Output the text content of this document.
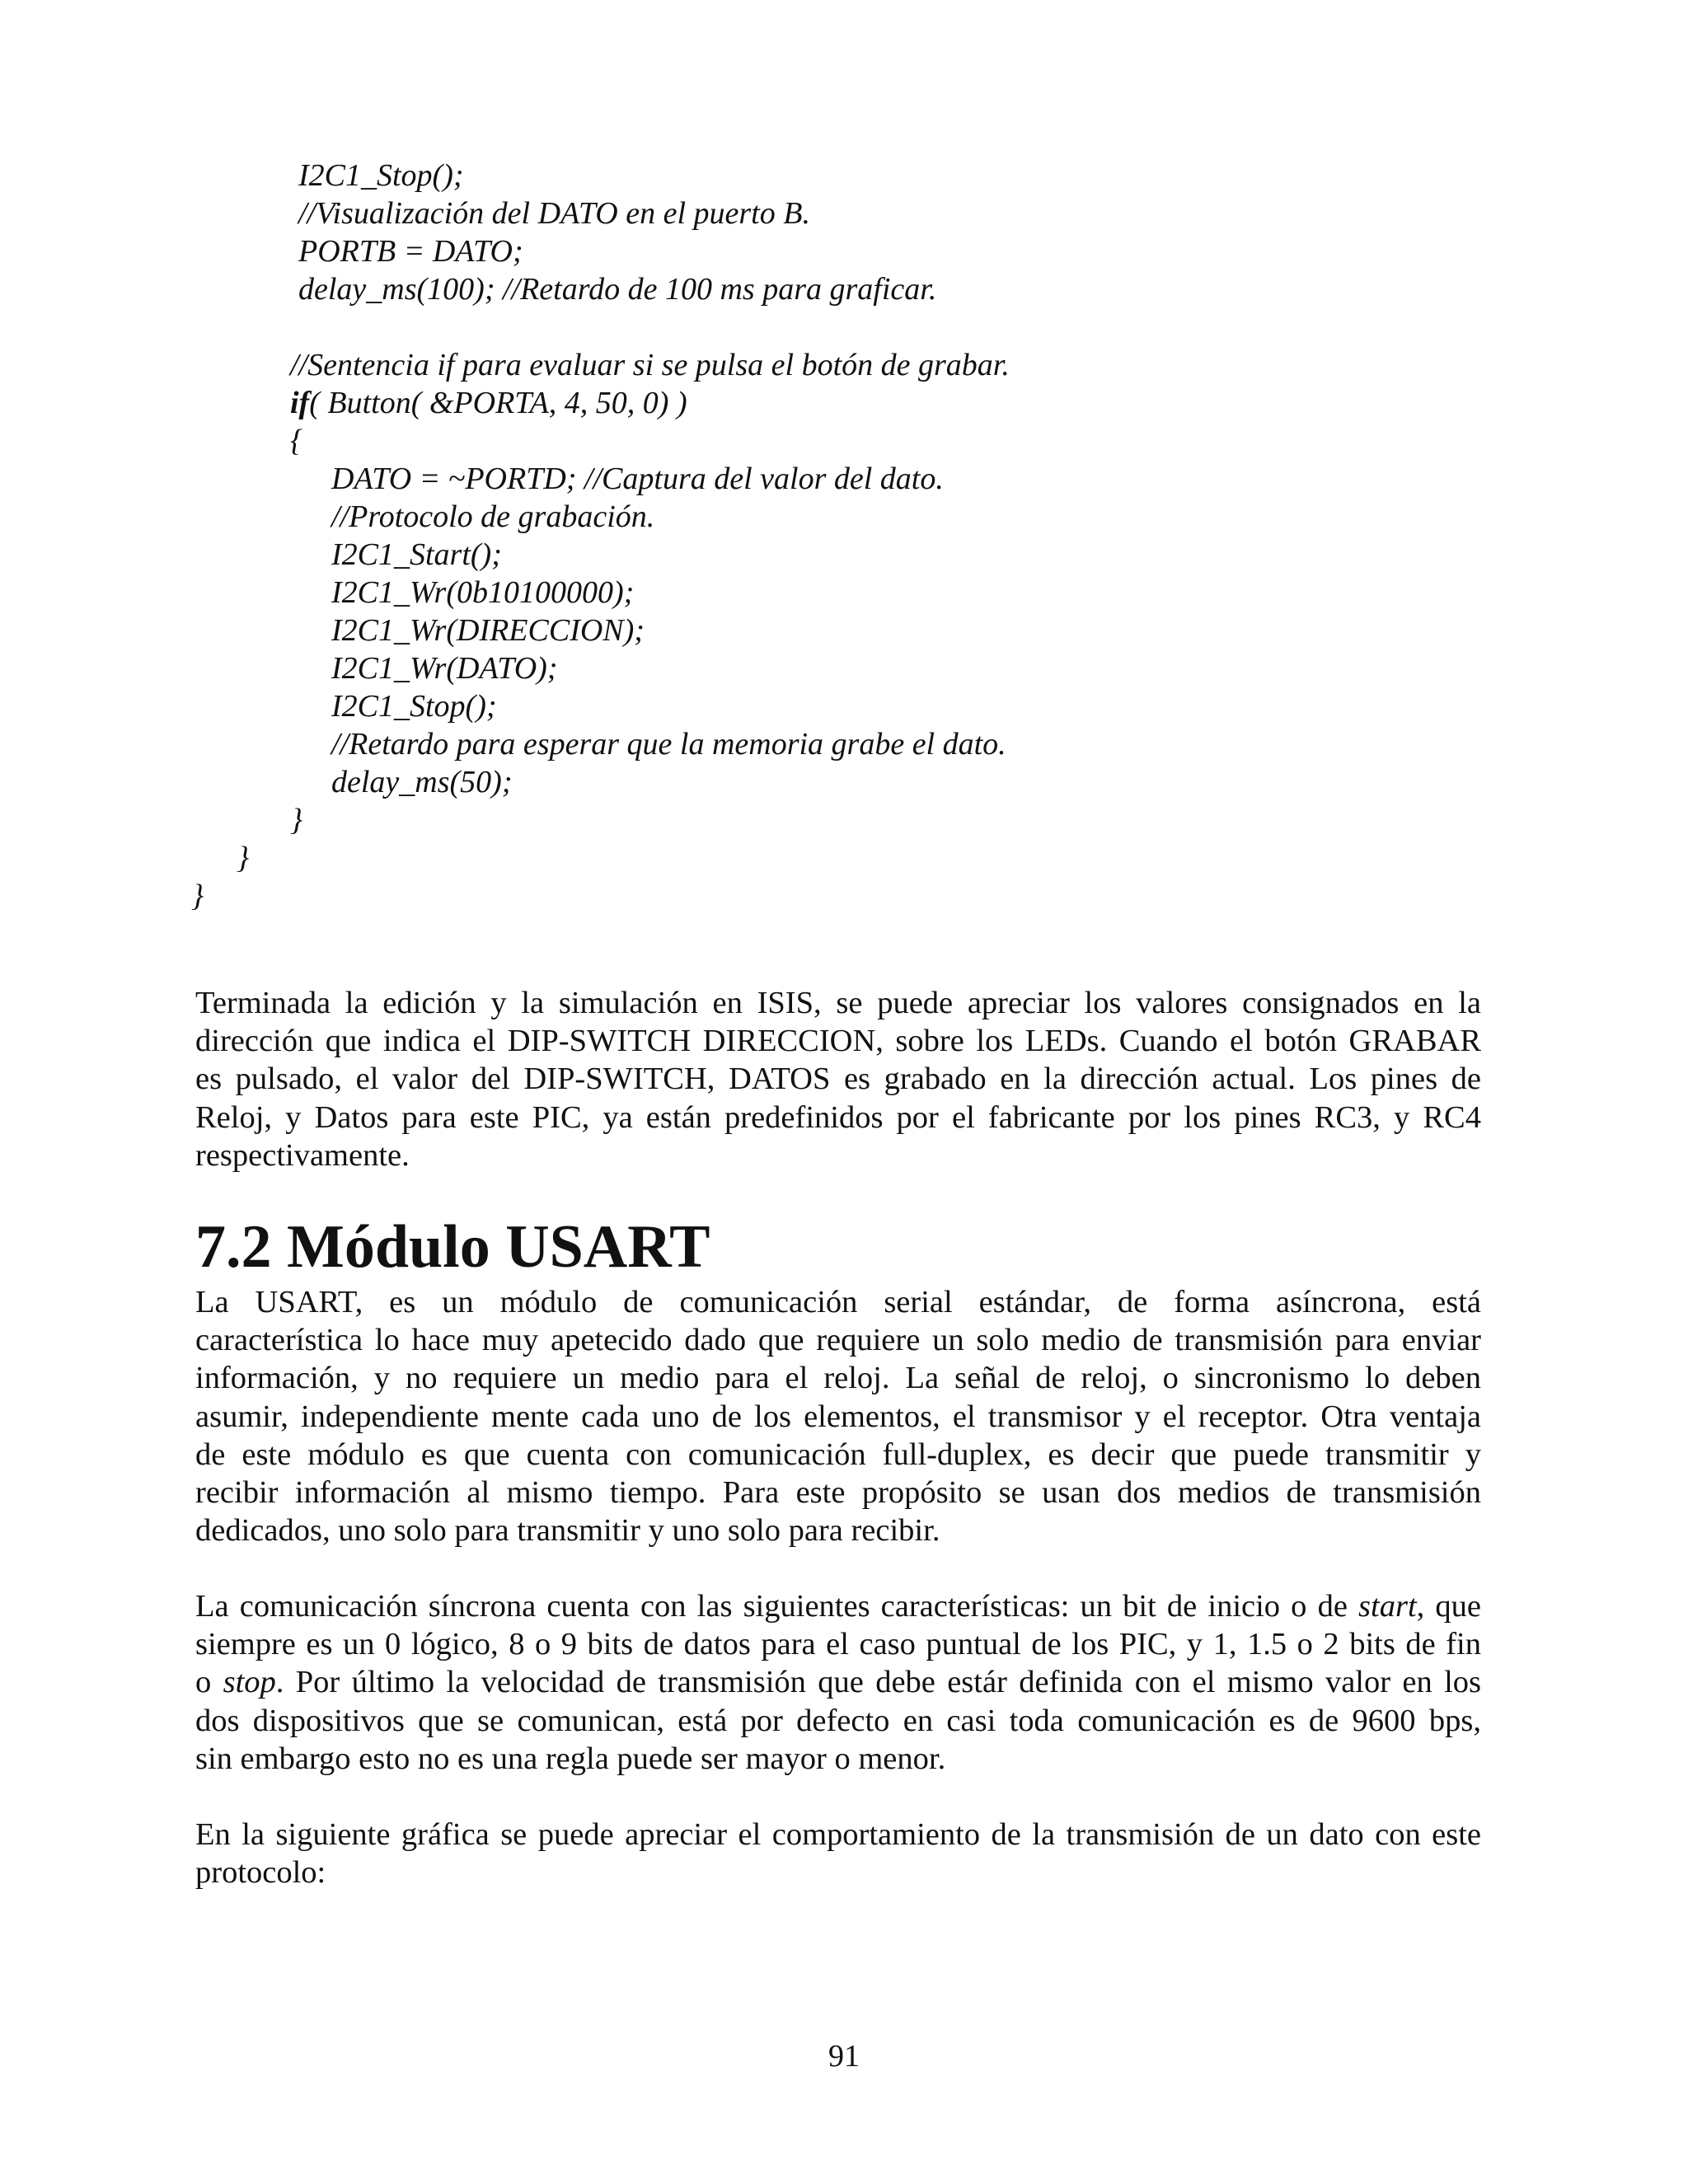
I2C1_Stop();
//Visualización del DATO en el puerto B.
PORTB = DATO;
delay_ms(100); //Retardo de 100 ms para graficar.
//Sentencia if para evaluar si se pulsa el botón de grabar.
if( Button( &PORTA, 4, 50, 0) )
{
DATO = ~PORTD; //Captura del valor del dato.
//Protocolo de grabación.
I2C1_Start();
I2C1_Wr(0b10100000);
I2C1_Wr(DIRECCION);
I2C1_Wr(DATO);
I2C1_Stop();
//Retardo para esperar que la memoria grabe el dato.
delay_ms(50);
}
}
}
Terminada la edición y la simulación en ISIS, se puede apreciar los valores consignados en la
dirección que indica el DIP-SWITCH DIRECCION, sobre los LEDs. Cuando el botón GRABAR
es pulsado, el valor del DIP-SWITCH, DATOS es grabado en la dirección actual. Los pines de
Reloj, y Datos para este PIC, ya están predefinidos por el fabricante por los pines RC3, y RC4
respectivamente.
7.2 Módulo USART
La USART, es un módulo de comunicación serial estándar, de forma asíncrona, está
característica lo hace muy apetecido dado que requiere un solo medio de transmisión para enviar
información, y no requiere un medio para el reloj. La señal de reloj, o sincronismo lo deben
asumir, independiente mente cada uno de los elementos, el transmisor y el receptor. Otra ventaja
de este módulo es que cuenta con comunicación full-duplex, es decir que puede transmitir y
recibir información al mismo tiempo. Para este propósito se usan dos medios de transmisión
dedicados, uno solo para transmitir y uno solo para recibir.
La comunicación síncrona cuenta con las siguientes características: un bit de inicio o de start, que
siempre es un 0 lógico, 8 o 9 bits de datos para el caso puntual de los PIC, y 1, 1.5 o 2 bits de fin
o stop. Por último la velocidad de transmisión que debe estár definida con el mismo valor en los
dos dispositivos que se comunican, está por defecto en casi toda comunicación es de 9600 bps,
sin embargo esto no es una regla puede ser mayor o menor.
En la siguiente gráfica se puede apreciar el comportamiento de la transmisión de un dato con este
protocolo:
91
